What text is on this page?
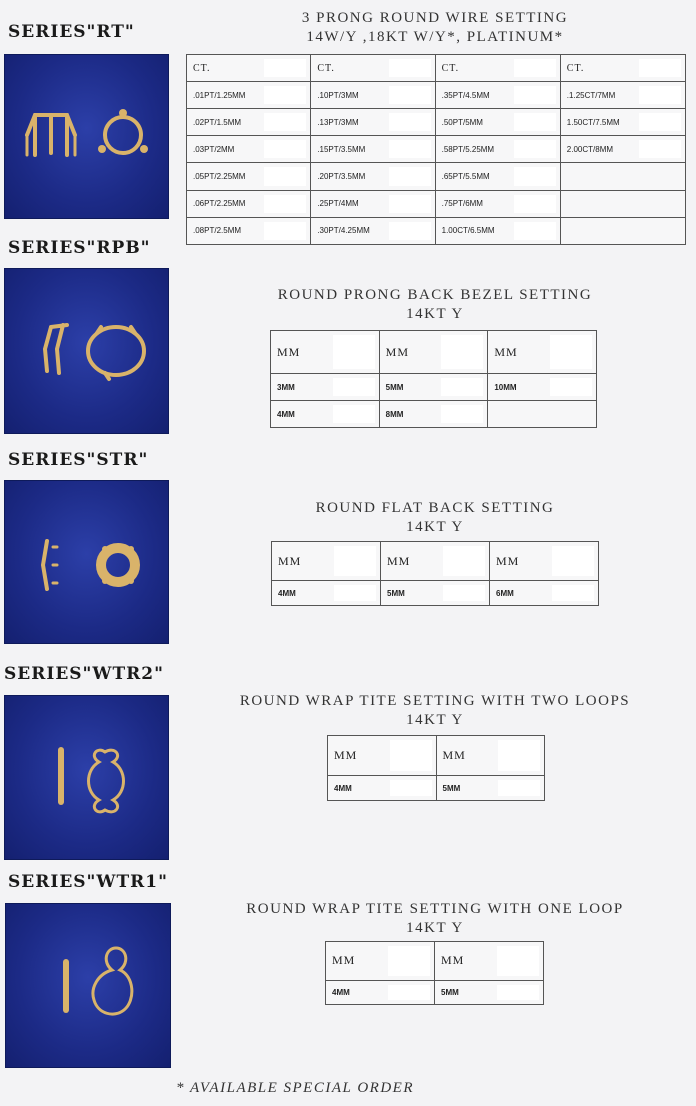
SERIES"RT"
3 PRONG ROUND WIRE SETTING
14W/Y ,18KT W/Y*, PLATINUM*
CT.	CT.	CT.	CT.

.01PT/1.25MM	.10PT/3MM	.35PT/4.5MM	.1.25CT/7MM

.02PT/1.5MM	.13PT/3MM	.50PT/5MM	1.50CT/7.5MM

.03PT/2MM	.15PT/3.5MM	.58PT/5.25MM	2.00CT/8MM

.05PT/2.25MM	.20PT/3.5MM	.65PT/5.5MM

.06PT/2.25MM	.25PT/4MM	.75PT/6MM

.08PT/2.5MM	.30PT/4.25MM	1.00CT/6.5MM

SERIES"RPB"
ROUND PRONG BACK BEZEL SETTING
14KT Y
MM	MM	MM

3MM	5MM	10MM

4MM	8MM

SERIES"STR"
ROUND FLAT BACK SETTING
14KT Y
MM	MM	MM

4MM	5MM	6MM
SERIES"WTR2"
ROUND WRAP TITE SETTING WITH TWO LOOPS
14KT Y
MM	MM

4MM	5MM
SERIES"WTR1"
ROUND WRAP TITE SETTING WITH ONE LOOP
14KT Y
MM	MM

4MM	5MM
* AVAILABLE SPECIAL ORDER
